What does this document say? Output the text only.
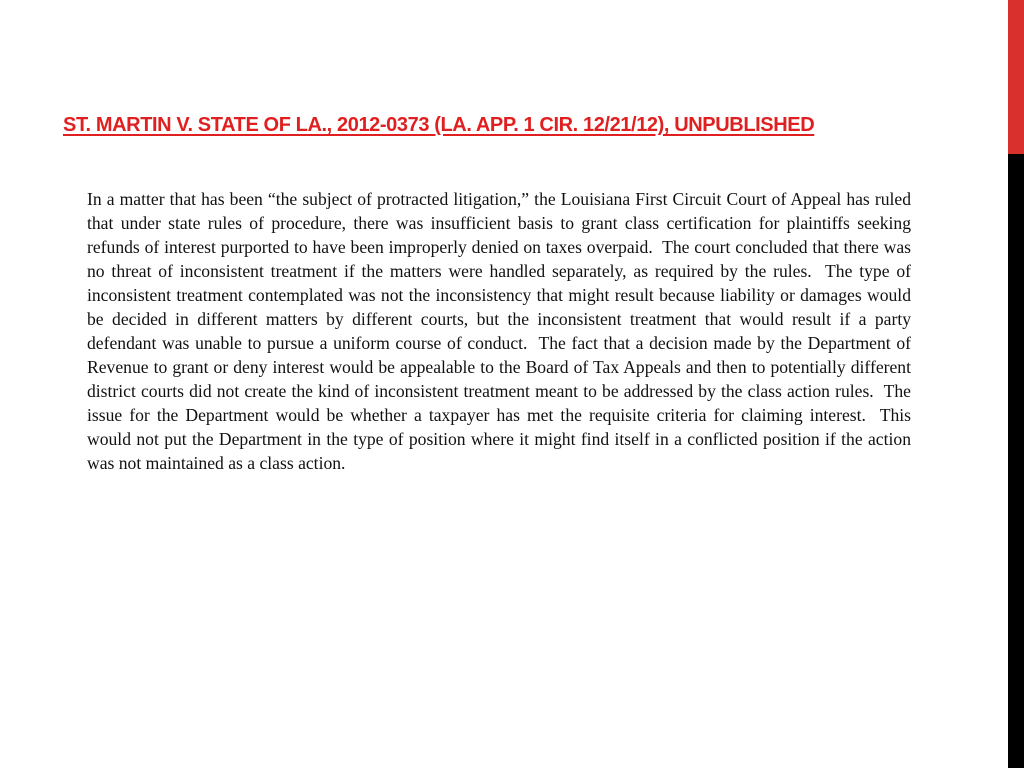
ST. MARTIN V. STATE OF LA., 2012-0373 (LA. APP. 1 CIR. 12/21/12), UNPUBLISHED

In a matter that has been “the subject of protracted litigation,” the Louisiana First Circuit Court of Appeal has ruled that under state rules of procedure, there was insufficient basis to grant class certification for plaintiffs seeking refunds of interest purported to have been improperly denied on taxes overpaid.  The court concluded that there was no threat of inconsistent treatment if the matters were handled separately, as required by the rules.  The type of inconsistent treatment contemplated was not the inconsistency that might result because liability or damages would be decided in different matters by different courts, but the inconsistent treatment that would result if a party defendant was unable to pursue a uniform course of conduct.  The fact that a decision made by the Department of Revenue to grant or deny interest would be appealable to the Board of Tax Appeals and then to potentially different district courts did not create the kind of inconsistent treatment meant to be addressed by the class action rules.  The issue for the Department would be whether a taxpayer has met the requisite criteria for claiming interest.  This would not put the Department in the type of position where it might find itself in a conflicted position if the action was not maintained as a class action.
